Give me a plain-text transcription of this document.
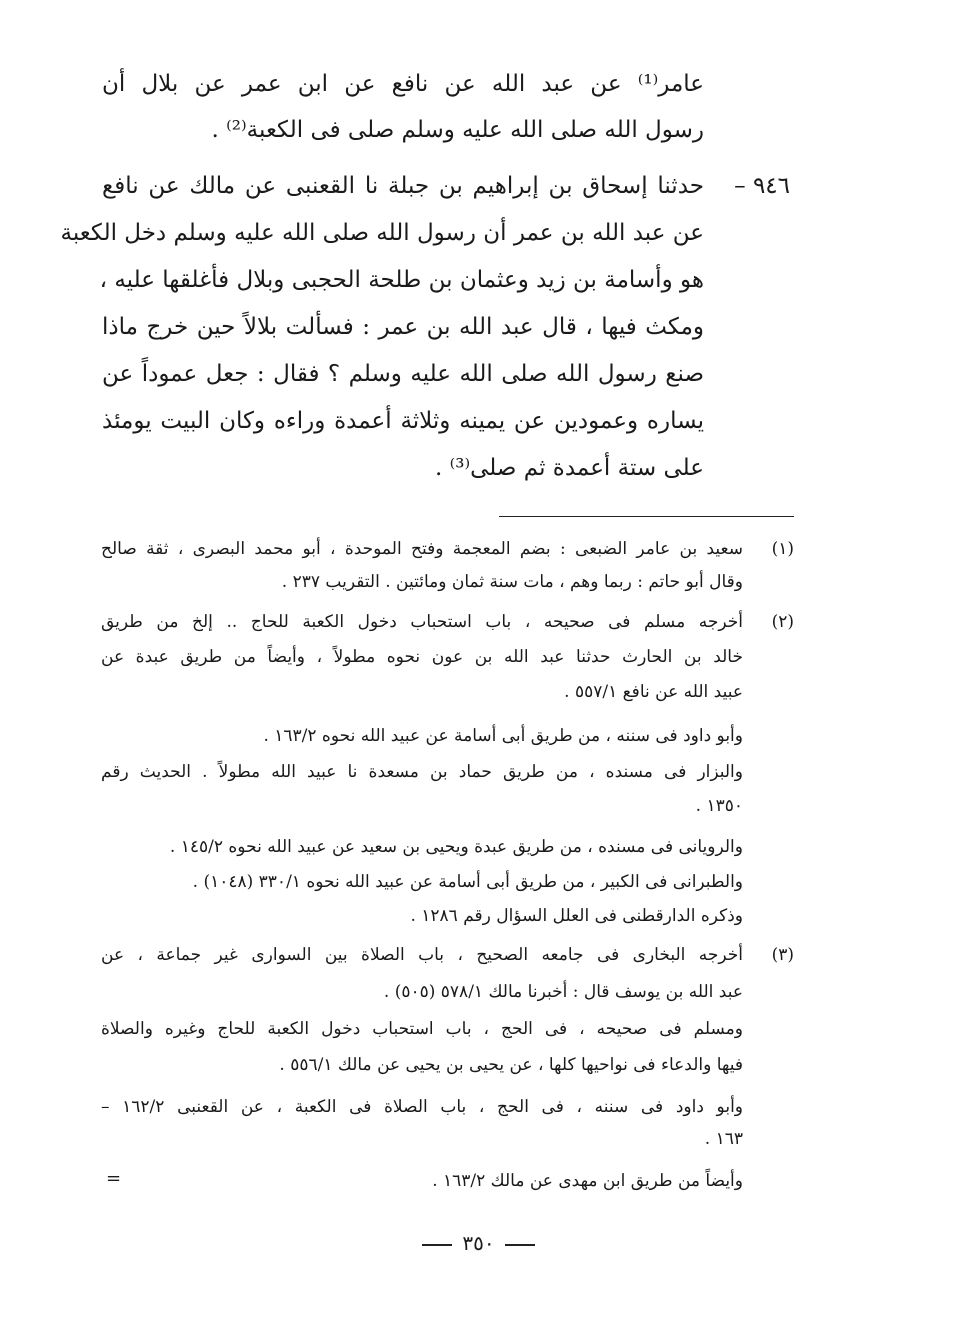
عامر⁽¹⁾ عن عبد الله عن نافع عن ابن عمر عن بلال أن
رسول الله صلى الله عليه وسلم صلى فى الكعبة⁽²⁾ .
٩٤٦ –
حدثنا إسحاق بن إبراهيم بن جبلة نا القعنبى عن مالك عن نافع
عن عبد الله بن عمر أن رسول الله صلى الله عليه وسلم دخل الكعبة
هو وأسامة بن زيد وعثمان بن طلحة الحجبى وبلال فأغلقها عليه ،
ومكث فيها ، قال عبد الله بن عمر : فسألت بلالاً حين خرج ماذا
صنع رسول الله صلى الله عليه وسلم ؟ فقال : جعل عموداً عن
يساره وعمودين عن يمينه وثلاثة أعمدة وراءه وكان البيت يومئذ
على ستة أعمدة ثم صلى⁽³⁾ .
(١)
سعيد بن عامر الضبعى : بضم المعجمة وفتح الموحدة ، أبو محمد البصرى ، ثقة صالح
وقال أبو حاتم : ربما وهم ، مات سنة ثمان ومائتين . التقريب ٢٣٧ .
(٢)
أخرجه مسلم فى صحيحه ، باب استحباب دخول الكعبة للحاج .. إلخ من طريق
خالد بن الحارث حدثنا عبد الله بن عون نحوه مطولاً ، وأيضاً من طريق عبدة عن
عبيد الله عن نافع ٥٥٧/١ .
وأبو داود فى سننه ، من طريق أبى أسامة عن عبيد الله نحوه ١٦٣/٢ .
والبزار فى مسنده ، من طريق حماد بن مسعدة نا عبيد الله مطولاً . الحديث رقم
١٣٥٠ .
والرويانى فى مسنده ، من طريق عبدة ويحيى بن سعيد عن عبيد الله نحوه ١٤٥/٢ .
والطبرانى فى الكبير ، من طريق أبى أسامة عن عبيد الله نحوه ٣٣٠/١ (١٠٤٨) .
وذكره الدارقطنى فى العلل السؤال رقم ١٢٨٦ .
(٣)
أخرجه البخارى فى جامعه الصحيح ، باب الصلاة بين السوارى غير جماعة ، عن
عبد الله بن يوسف قال : أخبرنا مالك ٥٧٨/١ (٥٠٥) .
ومسلم فى صحيحه ، فى الحج ، باب استحباب دخول الكعبة للحاج وغيره والصلاة
فيها والدعاء فى نواحيها كلها ، عن يحيى بن يحيى عن مالك ٥٥٦/١ .
وأبو داود فى سننه ، فى الحج ، باب الصلاة فى الكعبة ، عن القعنبى ١٦٢/٢ –
١٦٣ .
وأيضاً من طريق ابن مهدى عن مالك ١٦٣/٢ .
=
٣٥٠
